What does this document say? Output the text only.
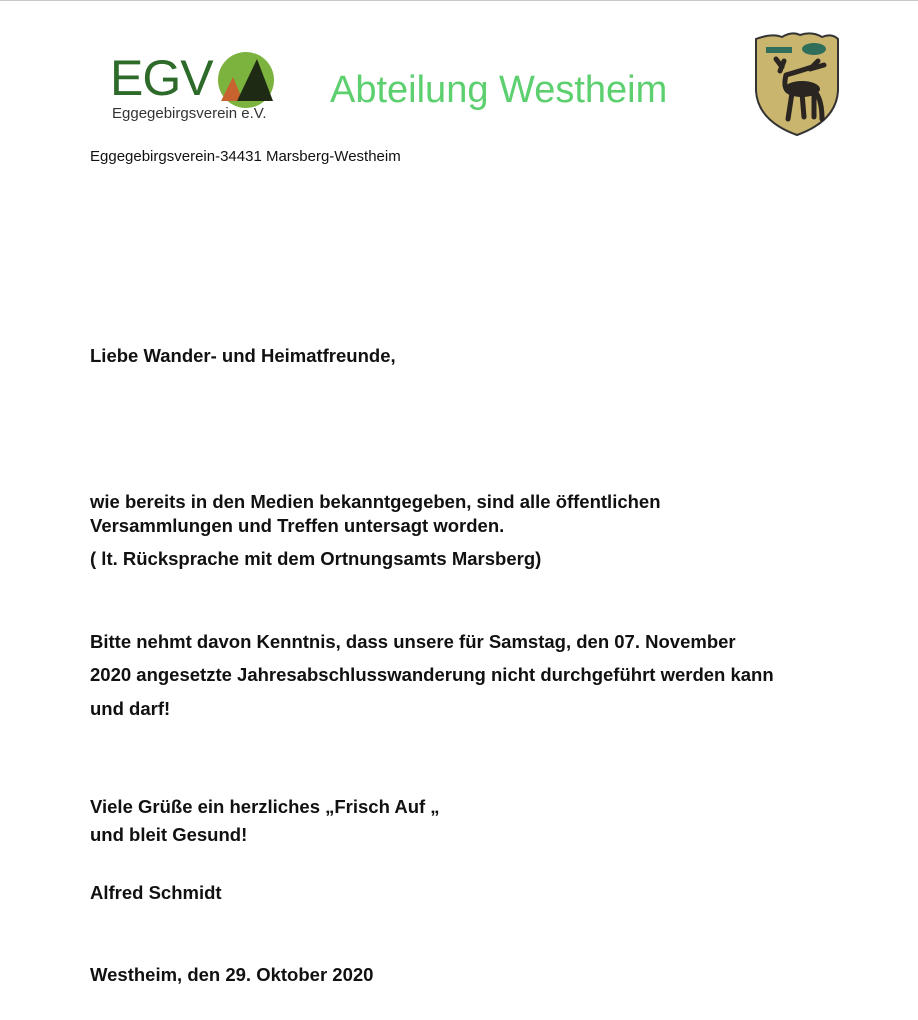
EGV
Eggegebirgsverein e.V.
Abteilung Westheim
Eggegebirgsverein-34431 Marsberg-Westheim
Liebe Wander- und Heimatfreunde,
wie bereits in den Medien bekanntgegeben, sind alle öffentlichen
Versammlungen und Treffen untersagt worden.
( lt. Rücksprache mit dem Ortnungsamts Marsberg)
Bitte nehmt davon Kenntnis, dass unsere für Samstag, den 07. November
2020 angesetzte Jahresabschlusswanderung nicht durchgeführt werden kann
und darf!
Viele Grüße ein herzliches „Frisch Auf „
und bleit Gesund!
Alfred Schmidt
Westheim, den 29. Oktober 2020
